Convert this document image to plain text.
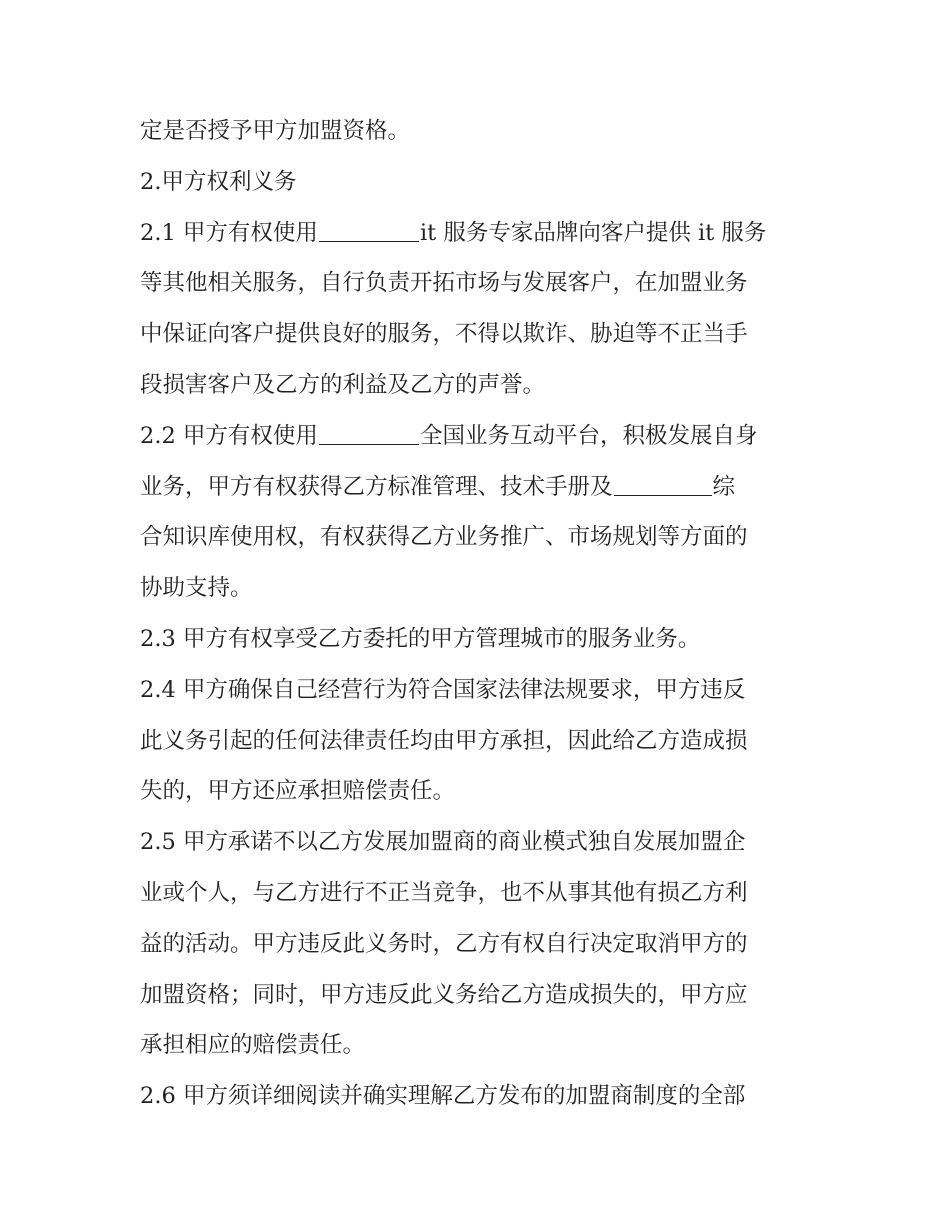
定是否授予甲方加盟资格。

2.甲方权利义务

2.1 甲方有权使用	it 服务专家品牌向客户提供 it 服务

等其他相关服务，自行负责开拓市场与发展客户，在加盟业务

中保证向客户提供良好的服务，不得以欺诈、胁迫等不正当手

段损害客户及乙方的利益及乙方的声誉。

2.2 甲方有权使用	全国业务互动平台，积极发展自身

业务，甲方有权获得乙方标准管理、技术手册及	综

合知识库使用权，有权获得乙方业务推广、市场规划等方面的

协助支持。

2.3 甲方有权享受乙方委托的甲方管理城市的服务业务。

2.4 甲方确保自己经营行为符合国家法律法规要求，甲方违反

此义务引起的任何法律责任均由甲方承担，因此给乙方造成损

失的，甲方还应承担赔偿责任。

2.5 甲方承诺不以乙方发展加盟商的商业模式独自发展加盟企

业或个人，与乙方进行不正当竞争，也不从事其他有损乙方利

益的活动。甲方违反此义务时，乙方有权自行决定取消甲方的

加盟资格；同时，甲方违反此义务给乙方造成损失的，甲方应

承担相应的赔偿责任。

2.6 甲方须详细阅读并确实理解乙方发布的加盟商制度的全部
